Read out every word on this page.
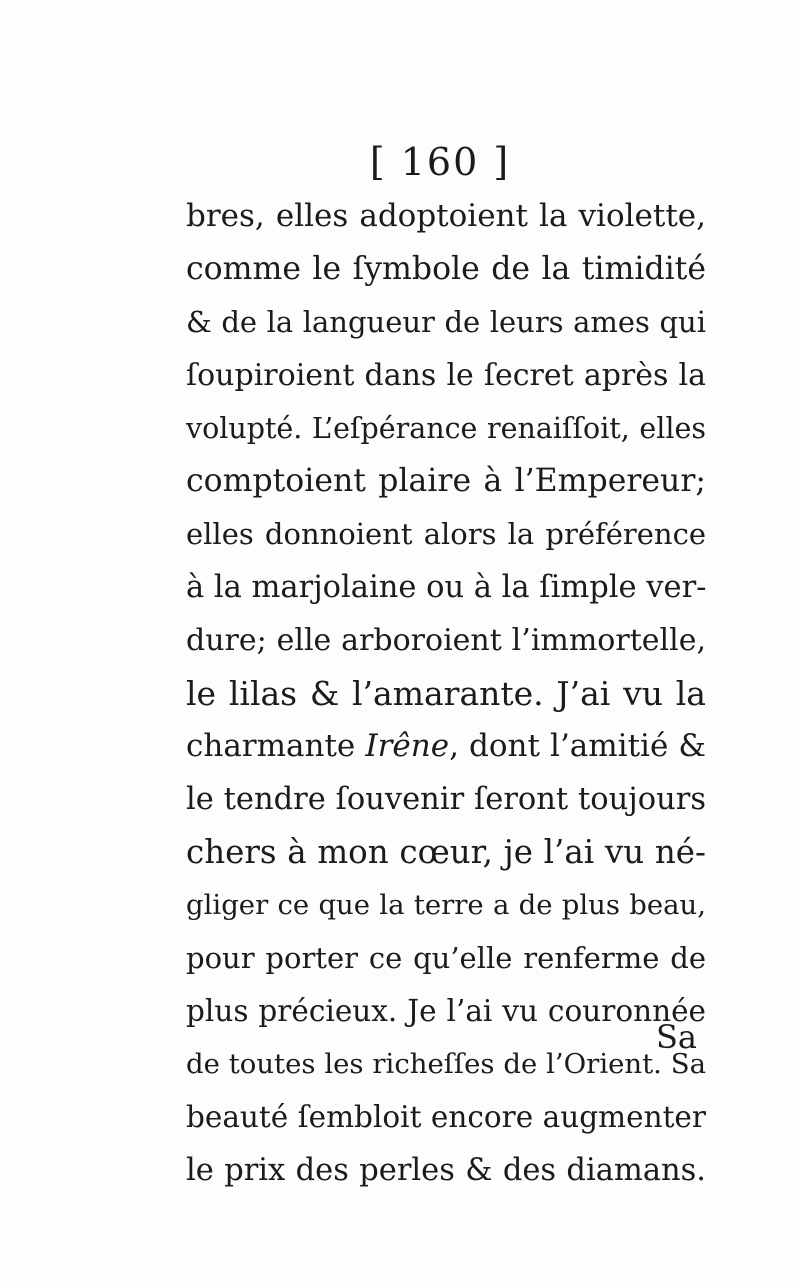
[ 160 ]
bres, elles adoptoient la violette,
comme le ſymbole de la timidité
& de la langueur de leurs ames qui
ſoupiroient dans le ſecret après la
volupté. L’eſpérance renaiſſoit, elles
comptoient plaire à l’Empereur;
elles donnoient alors la préférence
à la marjolaine ou à la ſimple ver-
dure; elle arboroient l’immortelle,
le lilas & l’amarante. J’ai vu la
charmante Irêne, dont l’amitié &
le tendre ſouvenir ſeront toujours
chers à mon cœur, je l’ai vu né-
gliger ce que la terre a de plus beau,
pour porter ce qu’elle renferme de
plus précieux. Je l’ai vu couronnée
de toutes les richeſſes de l’Orient. Sa
beauté ſembloit encore augmenter
le prix des perles & des diamans.
Sa
